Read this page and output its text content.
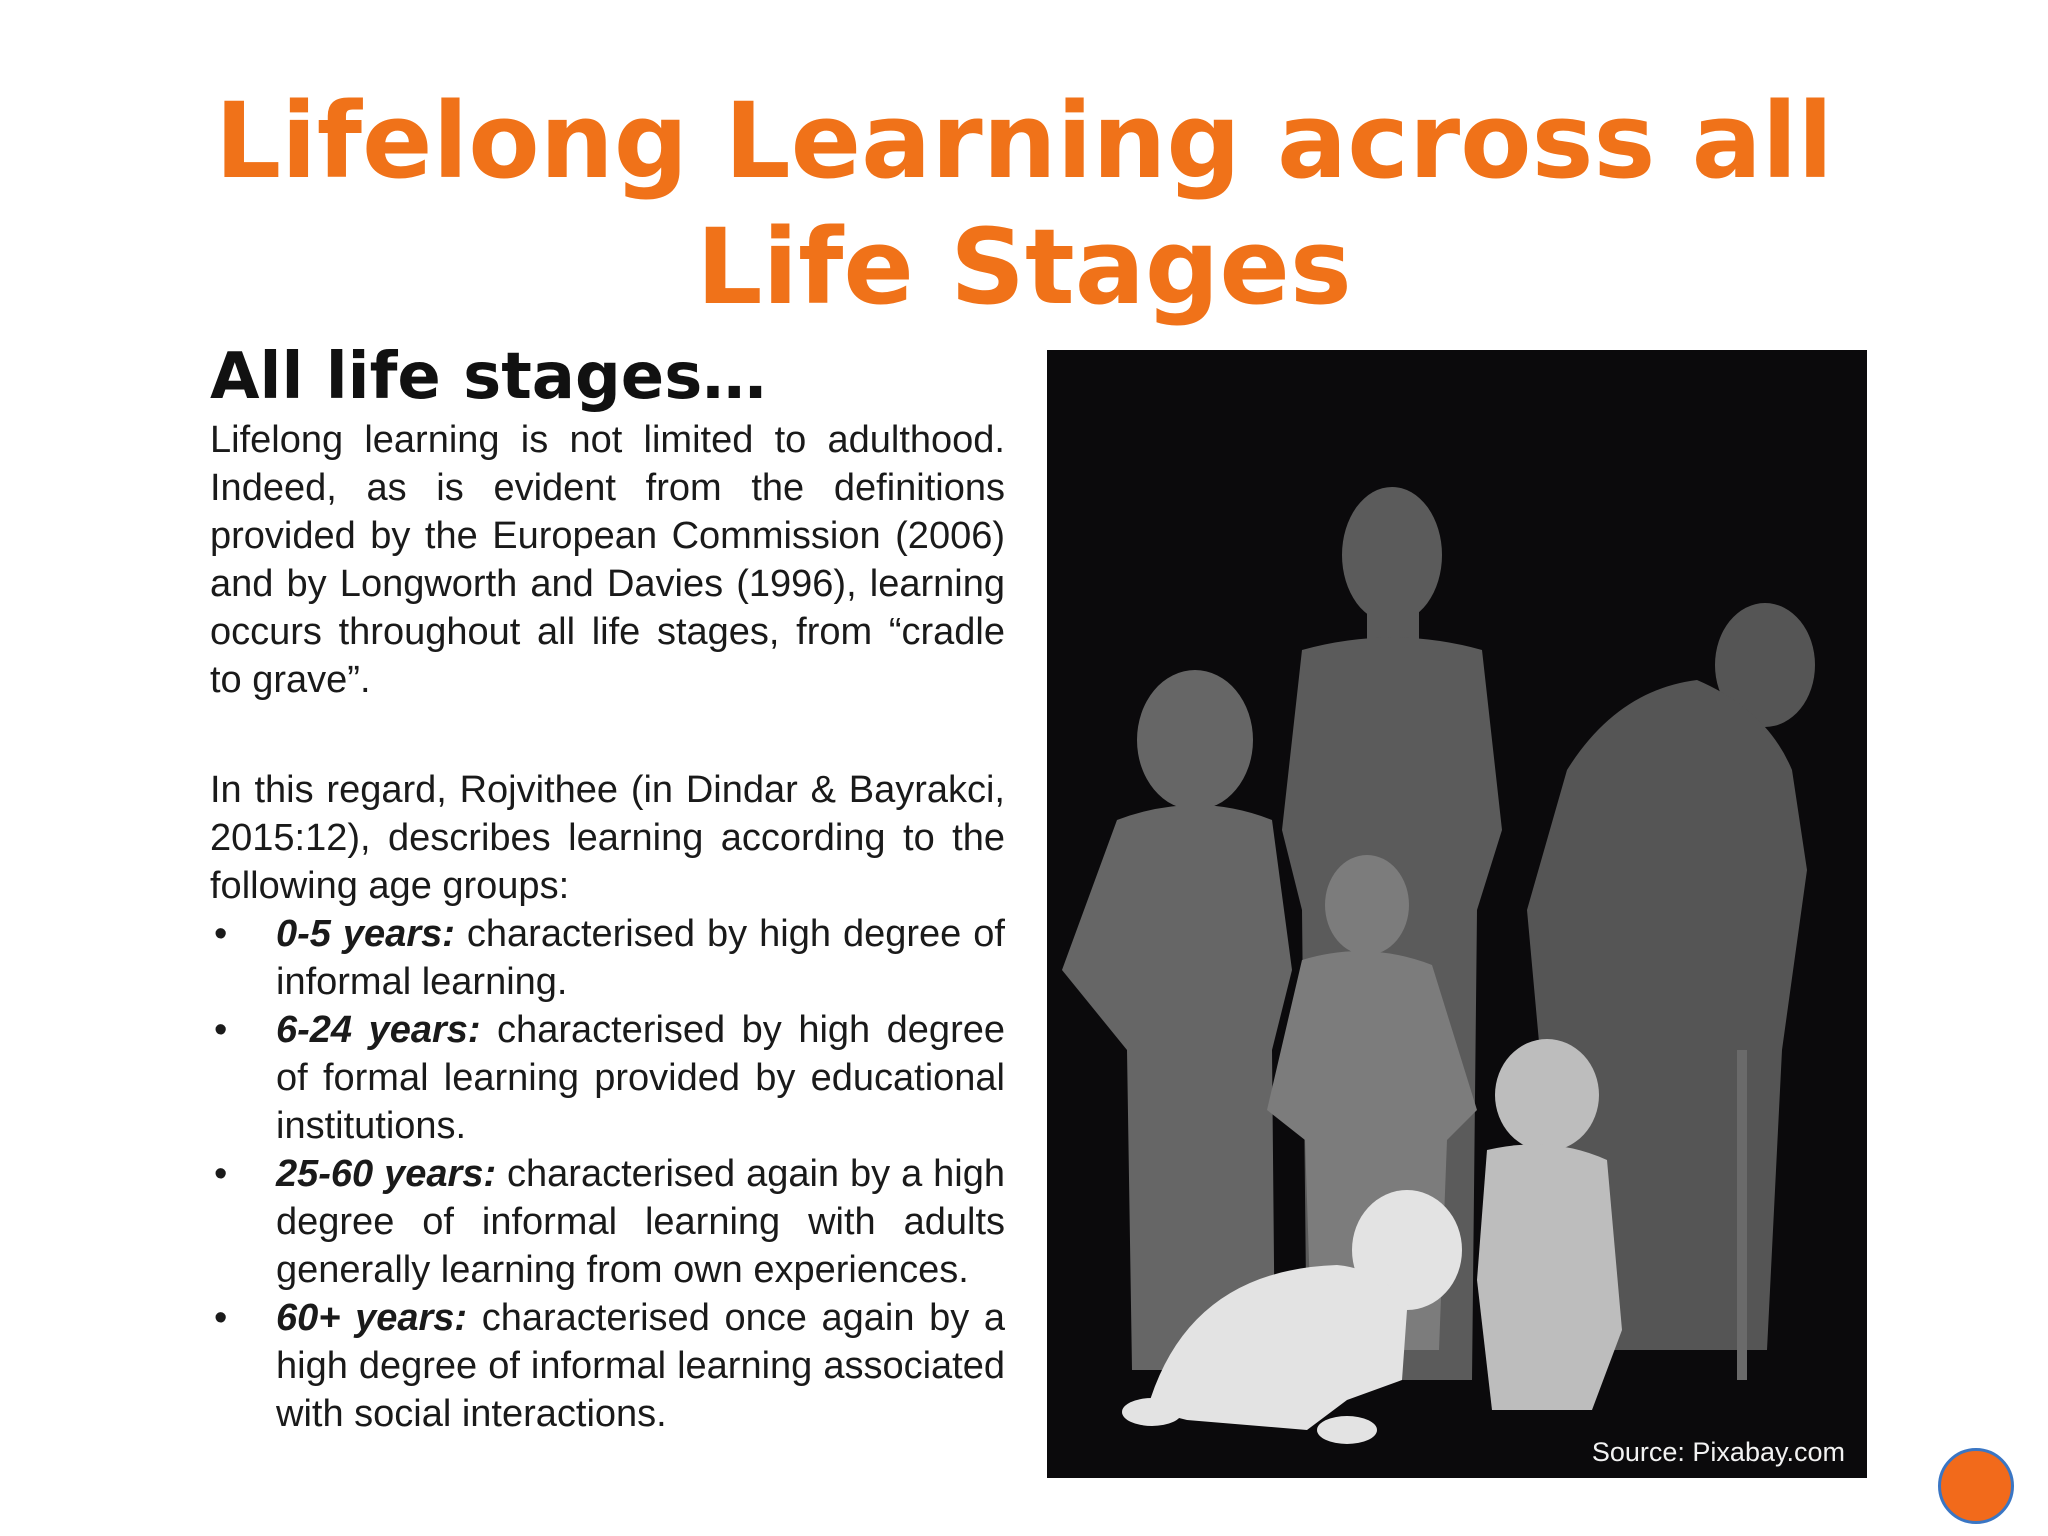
Lifelong Learning across all
Life Stages
All life stages…

Lifelong learning is not limited to adulthood. Indeed, as is evident from the definitions provided by the European Commission (2006) and by Longworth and Davies (1996), learning occurs throughout all life stages, from “cradle to grave”.

In this regard, Rojvithee (in Dindar & Bayrakci, 2015:12), describes learning according to the following age groups:

• 0-5 years: characterised by high degree of informal learning.
• 6-24 years: characterised by high degree of formal learning provided by educational institutions.
• 25-60 years: characterised again by a high degree of informal learning with adults generally learning from own experiences.
• 60+ years: characterised once again by a high degree of informal learning associated with social interactions.
Source: Pixabay.com
